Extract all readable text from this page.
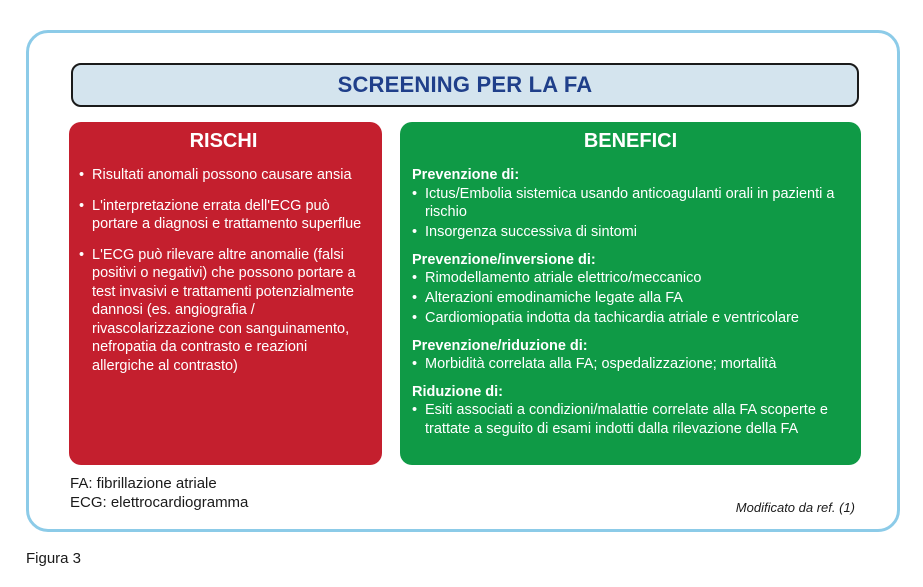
SCREENING PER LA FA
RISCHI
• Risultati anomali possono causare ansia
• L'interpretazione errata dell'ECG può portare a diagnosi e trattamento superflue
• L'ECG può rilevare altre anomalie (falsi positivi o negativi) che possono portare a test invasivi e trattamenti potenzialmente dannosi (es. angiografia / rivascolarizzazione con sanguinamento, nefropatia da contrasto e reazioni allergiche al contrasto)
BENEFICI
Prevenzione di:
• Ictus/Embolia sistemica usando anticoagulanti orali in pazienti a rischio
• Insorgenza successiva di sintomi
Prevenzione/inversione di:
• Rimodellamento atriale elettrico/meccanico
• Alterazioni emodinamiche legate alla FA
• Cardiomiopatia indotta da tachicardia atriale e ventricolare
Prevenzione/riduzione di:
• Morbidità correlata alla FA; ospedalizzazione; mortalità
Riduzione di:
• Esiti associati a condizioni/malattie correlate alla FA scoperte e trattate a seguito di esami indotti dalla rilevazione della FA
FA: fibrillazione atriale
ECG: elettrocardiogramma	Modificato da ref. (1)
Figura 3
